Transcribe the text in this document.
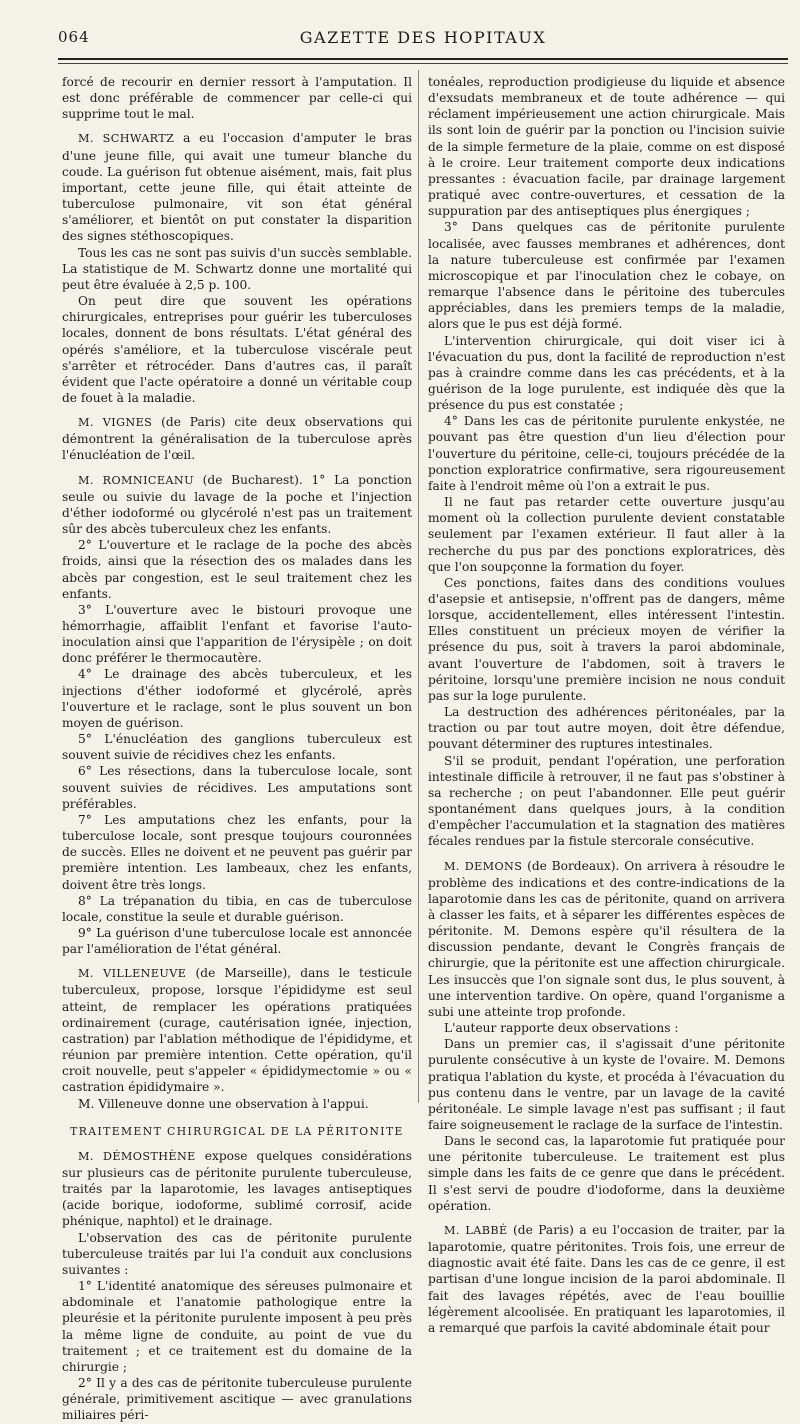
064	GAZETTE DES HOPITAUX

forcé de recourir en dernier ressort à l'amputation. Il est donc préférable de commencer par celle-ci qui supprime tout le mal.

M. SCHWARTZ a eu l'occasion d'amputer le bras d'une jeune fille, qui avait une tumeur blanche du coude. La guérison fut obtenue aisément, mais, fait plus important, cette jeune fille, qui était atteinte de tuberculose pulmonaire, vit son état général s'améliorer, et bientôt on put constater la disparition des signes stéthoscopiques.

Tous les cas ne sont pas suivis d'un succès semblable. La statistique de M. Schwartz donne une mortalité qui peut être évaluée à 2,5 p. 100.

On peut dire que souvent les opérations chirurgicales, entreprises pour guérir les tuberculoses locales, donnent de bons résultats. L'état général des opérés s'améliore, et la tuberculose viscérale peut s'arrêter et rétrocéder. Dans d'autres cas, il paraît évident que l'acte opératoire a donné un véritable coup de fouet à la maladie.

M. VIGNES (de Paris) cite deux observations qui démontrent la généralisation de la tuberculose après l'énucléation de l'œil.

M. ROMNICEANU (de Bucharest). 1° La ponction seule ou suivie du lavage de la poche et l'injection d'éther iodoformé ou glycérolé n'est pas un traitement sûr des abcès tuberculeux chez les enfants.

2° L'ouverture et le raclage de la poche des abcès froids, ainsi que la résection des os malades dans les abcès par congestion, est le seul traitement chez les enfants.

3° L'ouverture avec le bistouri provoque une hémorrhagie, affaiblit l'enfant et favorise l'auto-inoculation ainsi que l'apparition de l'érysipèle ; on doit donc préférer le thermocautère.

4° Le drainage des abcès tuberculeux, et les injections d'éther iodoformé et glycérolé, après l'ouverture et le raclage, sont le plus souvent un bon moyen de guérison.

5° L'énucléation des ganglions tuberculeux est souvent suivie de récidives chez les enfants.

6° Les résections, dans la tuberculose locale, sont souvent suivies de récidives. Les amputations sont préférables.

7° Les amputations chez les enfants, pour la tuberculose locale, sont presque toujours couronnées de succès. Elles ne doivent et ne peuvent pas guérir par première intention. Les lambeaux, chez les enfants, doivent être très longs.

8° La trépanation du tibia, en cas de tuberculose locale, constitue la seule et durable guérison.

9° La guérison d'une tuberculose locale est annoncée par l'amélioration de l'état général.

M. VILLENEUVE (de Marseille), dans le testicule tuberculeux, propose, lorsque l'épididyme est seul atteint, de remplacer les opérations pratiquées ordinairement (curage, cautérisation ignée, injection, castration) par l'ablation méthodique de l'épididyme, et réunion par première intention. Cette opération, qu'il croit nouvelle, peut s'appeler « épididymectomie » ou « castration épididymaire ».

M. Villeneuve donne une observation à l'appui.

TRAITEMENT CHIRURGICAL DE LA PÉRITONITE

M. DÉMOSTHÈNE expose quelques considérations sur plusieurs cas de péritonite purulente tuberculeuse, traités par la laparotomie, les lavages antiseptiques (acide borique, iodoforme, sublimé corrosif, acide phénique, naphtol) et le drainage.

L'observation des cas de péritonite purulente tuberculeuse traités par lui l'a conduit aux conclusions suivantes :

1° L'identité anatomique des séreuses pulmonaire et abdominale et l'anatomie pathologique entre la pleurésie et la péritonite purulente imposent à peu près la même ligne de conduite, au point de vue du traitement ; et ce traitement est du domaine de la chirurgie ;

2° Il y a des cas de péritonite tuberculeuse purulente générale, primitivement ascitique — avec granulations miliaires péri-

tonéales, reproduction prodigieuse du liquide et absence d'exsudats membraneux et de toute adhérence — qui réclament impérieusement une action chirurgicale. Mais ils sont loin de guérir par la ponction ou l'incision suivie de la simple fermeture de la plaie, comme on est disposé à le croire. Leur traitement comporte deux indications pressantes : évacuation facile, par drainage largement pratiqué avec contre-ouvertures, et cessation de la suppuration par des antiseptiques plus énergiques ;

3° Dans quelques cas de péritonite purulente localisée, avec fausses membranes et adhérences, dont la nature tuberculeuse est confirmée par l'examen microscopique et par l'inoculation chez le cobaye, on remarque l'absence dans le péritoine des tubercules appréciables, dans les premiers temps de la maladie, alors que le pus est déjà formé.

L'intervention chirurgicale, qui doit viser ici à l'évacuation du pus, dont la facilité de reproduction n'est pas à craindre comme dans les cas précédents, et à la guérison de la loge purulente, est indiquée dès que la présence du pus est constatée ;

4° Dans les cas de péritonite purulente enkystée, ne pouvant pas être question d'un lieu d'élection pour l'ouverture du péritoine, celle-ci, toujours précédée de la ponction exploratrice confirmative, sera rigoureusement faite à l'endroit même où l'on a extrait le pus.

Il ne faut pas retarder cette ouverture jusqu'au moment où la collection purulente devient constatable seulement par l'examen extérieur. Il faut aller à la recherche du pus par des ponctions exploratrices, dès que l'on soupçonne la formation du foyer.

Ces ponctions, faites dans des conditions voulues d'asepsie et antisepsie, n'offrent pas de dangers, même lorsque, accidentellement, elles intéressent l'intestin. Elles constituent un précieux moyen de vérifier la présence du pus, soit à travers la paroi abdominale, avant l'ouverture de l'abdomen, soit à travers le péritoine, lorsqu'une première incision ne nous conduit pas sur la loge purulente.

La destruction des adhérences péritonéales, par la traction ou par tout autre moyen, doit être défendue, pouvant déterminer des ruptures intestinales.

S'il se produit, pendant l'opération, une perforation intestinale difficile à retrouver, il ne faut pas s'obstiner à sa recherche ; on peut l'abandonner. Elle peut guérir spontanément dans quelques jours, à la condition d'empêcher l'accumulation et la stagnation des matières fécales rendues par la fistule stercorale consécutive.

M. DEMONS (de Bordeaux). On arrivera à résoudre le problème des indications et des contre-indications de la laparotomie dans les cas de péritonite, quand on arrivera à classer les faits, et à séparer les différentes espèces de péritonite. M. Demons espère qu'il résultera de la discussion pendante, devant le Congrès français de chirurgie, que la péritonite est une affection chirurgicale. Les insuccès que l'on signale sont dus, le plus souvent, à une intervention tardive. On opère, quand l'organisme a subi une atteinte trop profonde.

L'auteur rapporte deux observations :

Dans un premier cas, il s'agissait d'une péritonite purulente consécutive à un kyste de l'ovaire. M. Demons pratiqua l'ablation du kyste, et procéda à l'évacuation du pus contenu dans le ventre, par un lavage de la cavité péritonéale. Le simple lavage n'est pas suffisant ; il faut faire soigneusement le raclage de la surface de l'intestin.

Dans le second cas, la laparotomie fut pratiquée pour une péritonite tuberculeuse. Le traitement est plus simple dans les faits de ce genre que dans le précédent. Il s'est servi de poudre d'iodoforme, dans la deuxième opération.

M. LABBÉ (de Paris) a eu l'occasion de traiter, par la laparotomie, quatre péritonites. Trois fois, une erreur de diagnostic avait été faite. Dans les cas de ce genre, il est partisan d'une longue incision de la paroi abdominale. Il fait des lavages répétés, avec de l'eau bouillie légèrement alcoolisée. En pratiquant les laparotomies, il a remarqué que parfois la cavité abdominale était pour
